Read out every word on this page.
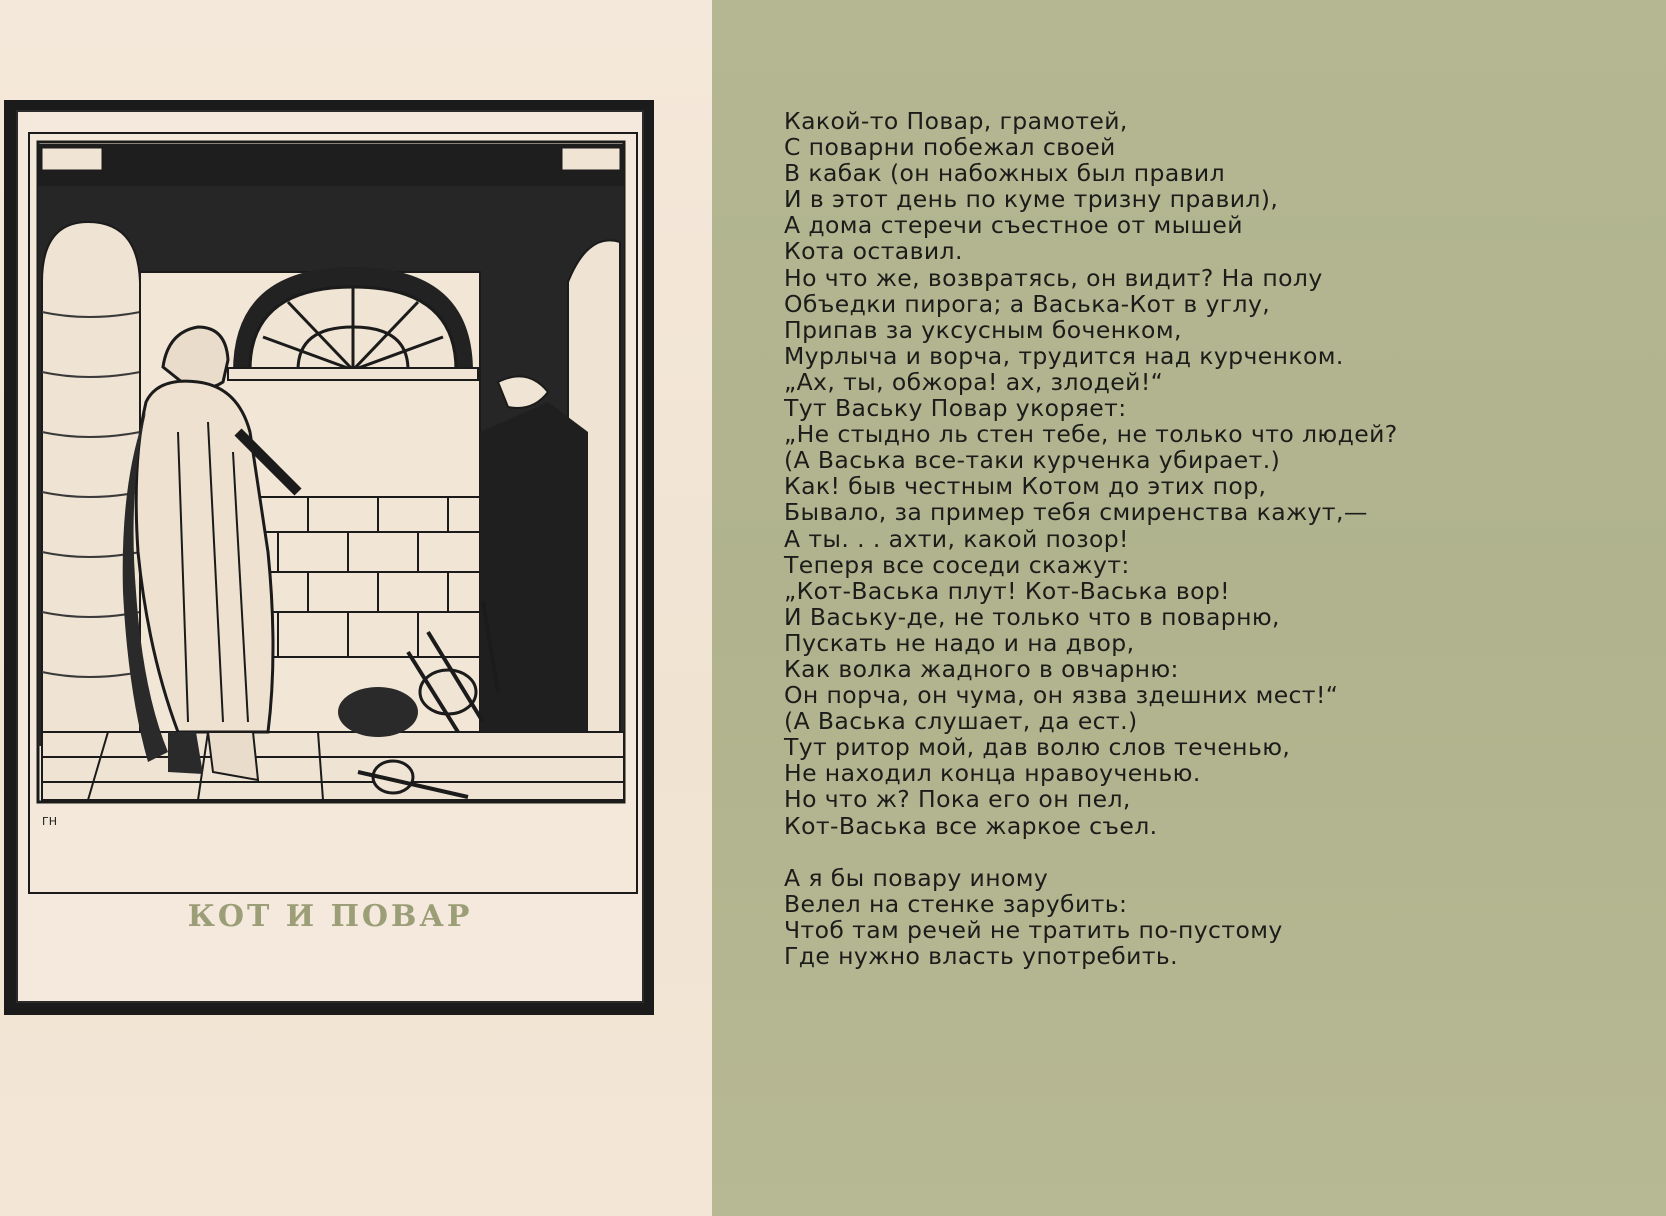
ГН
КОТ И ПОВАР
Какой-то Повар, грамотей,
С поварни побежал своей
В кабак (он набожных был правил
И в этот день по куме тризну правил),
А дома стеречи съестное от мышей
Кота оставил.
Но что же, возвратясь, он видит? На полу
Объедки пирога; а Васька-Кот в углу,
Припав за уксусным боченком,
Мурлыча и ворча, трудится над курченком.
„Ах, ты, обжора! ах, злодей!“
Тут Ваську Повар укоряет:
„Не стыдно ль стен тебе, не только что людей?
(А Васька все-таки курченка убирает.)
Как! быв честным Котом до этих пор,
Бывало, за пример тебя смиренства кажут,—
А ты. . . ахти, какой позор!
Теперя все соседи скажут:
„Кот-Васька плут! Кот-Васька вор!
И Ваську-де, не только что в поварню,
Пускать не надо и на двор,
Как волка жадного в овчарню:
Он порча, он чума, он язва здешних мест!“
(А Васька слушает, да ест.)
Тут ритор мой, дав волю слов теченью,
Не находил конца нравоученью.
Но что ж? Пока его он пел,
Кот-Васька все жаркое съел.
А я бы повару иному
Велел на стенке зарубить:
Чтоб там речей не тратить по-пустому
Где нужно власть употребить.
